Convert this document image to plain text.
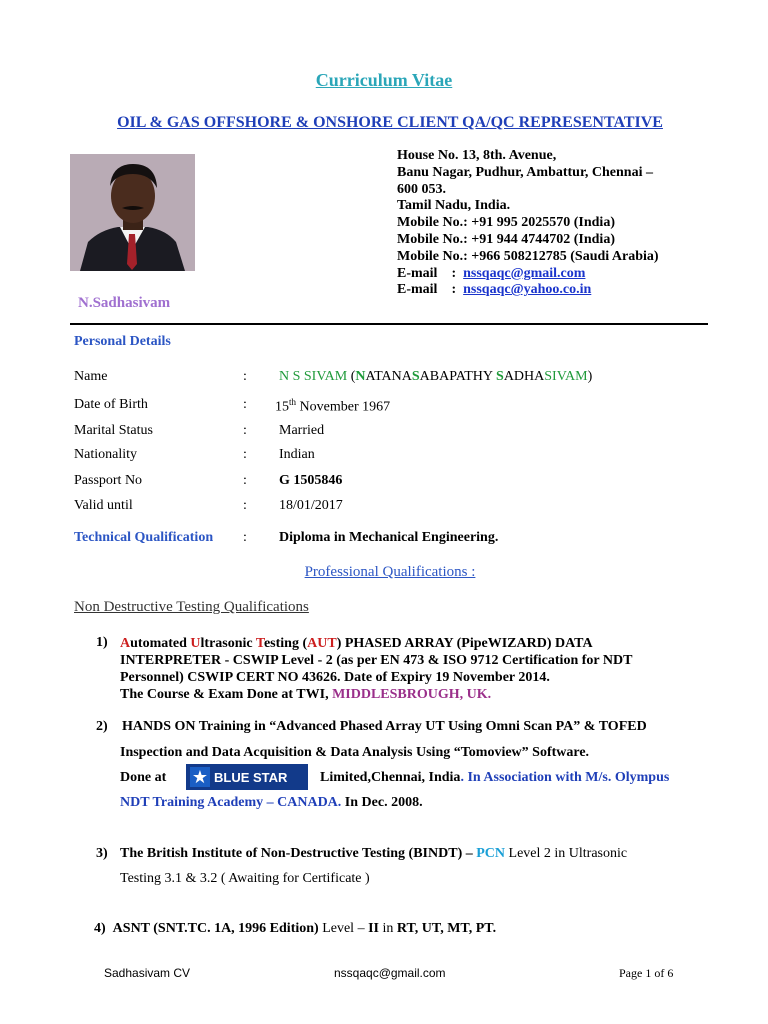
Curriculum Vitae
OIL & GAS OFFSHORE & ONSHORE CLIENT QA/QC REPRESENTATIVE
N.Sadhasivam
House No. 13, 8th. Avenue,
Banu Nagar, Pudhur, Ambattur, Chennai –
600 053.
Tamil Nadu, India.
Mobile No.: +91 995 2025570 (India)
Mobile No.: +91 944 4744702 (India)
Mobile No.: +966 508212785 (Saudi Arabia)
E-mail : nssqaqc@gmail.com
E-mail : nssqaqc@yahoo.co.in
Personal Details
Name	: N S SIVAM (NATANASABAPATHY SADHASIVAM)
Date of Birth	: 15th November 1967
Marital Status	: Married
Nationality	: Indian
Passport No	: G 1505846
Valid until	: 18/01/2017
Technical Qualification : Diploma in Mechanical Engineering.
Professional Qualifications :
Non Destructive Testing Qualifications
1) Automated Ultrasonic Testing (AUT) PHASED ARRAY (PipeWIZARD) DATA
INTERPRETER - CSWIP Level - 2 (as per EN 473 & ISO 9712 Certification for NDT
Personnel) CSWIP CERT NO 43626. Date of Expiry 19 November 2014.
The Course & Exam Done at TWI, MIDDLESBROUGH, UK.
2) HANDS ON Training in “Advanced Phased Array UT Using Omni Scan PA” & TOFED
Inspection and Data Acquisition & Data Analysis Using “Tomoview” Software.
Done at ★ BLUE STAR Limited,Chennai, India. In Association with M/s. Olympus
NDT Training Academy – CANADA. In Dec. 2008.
3) The British Institute of Non-Destructive Testing (BINDT) – PCN Level 2 in Ultrasonic
Testing 3.1 & 3.2 ( Awaiting for Certificate )
4) ASNT (SNT.TC. 1A, 1996 Edition) Level – II in RT, UT, MT, PT.
Sadhasivam CV	nssqaqc@gmail.com	Page 1 of 6
